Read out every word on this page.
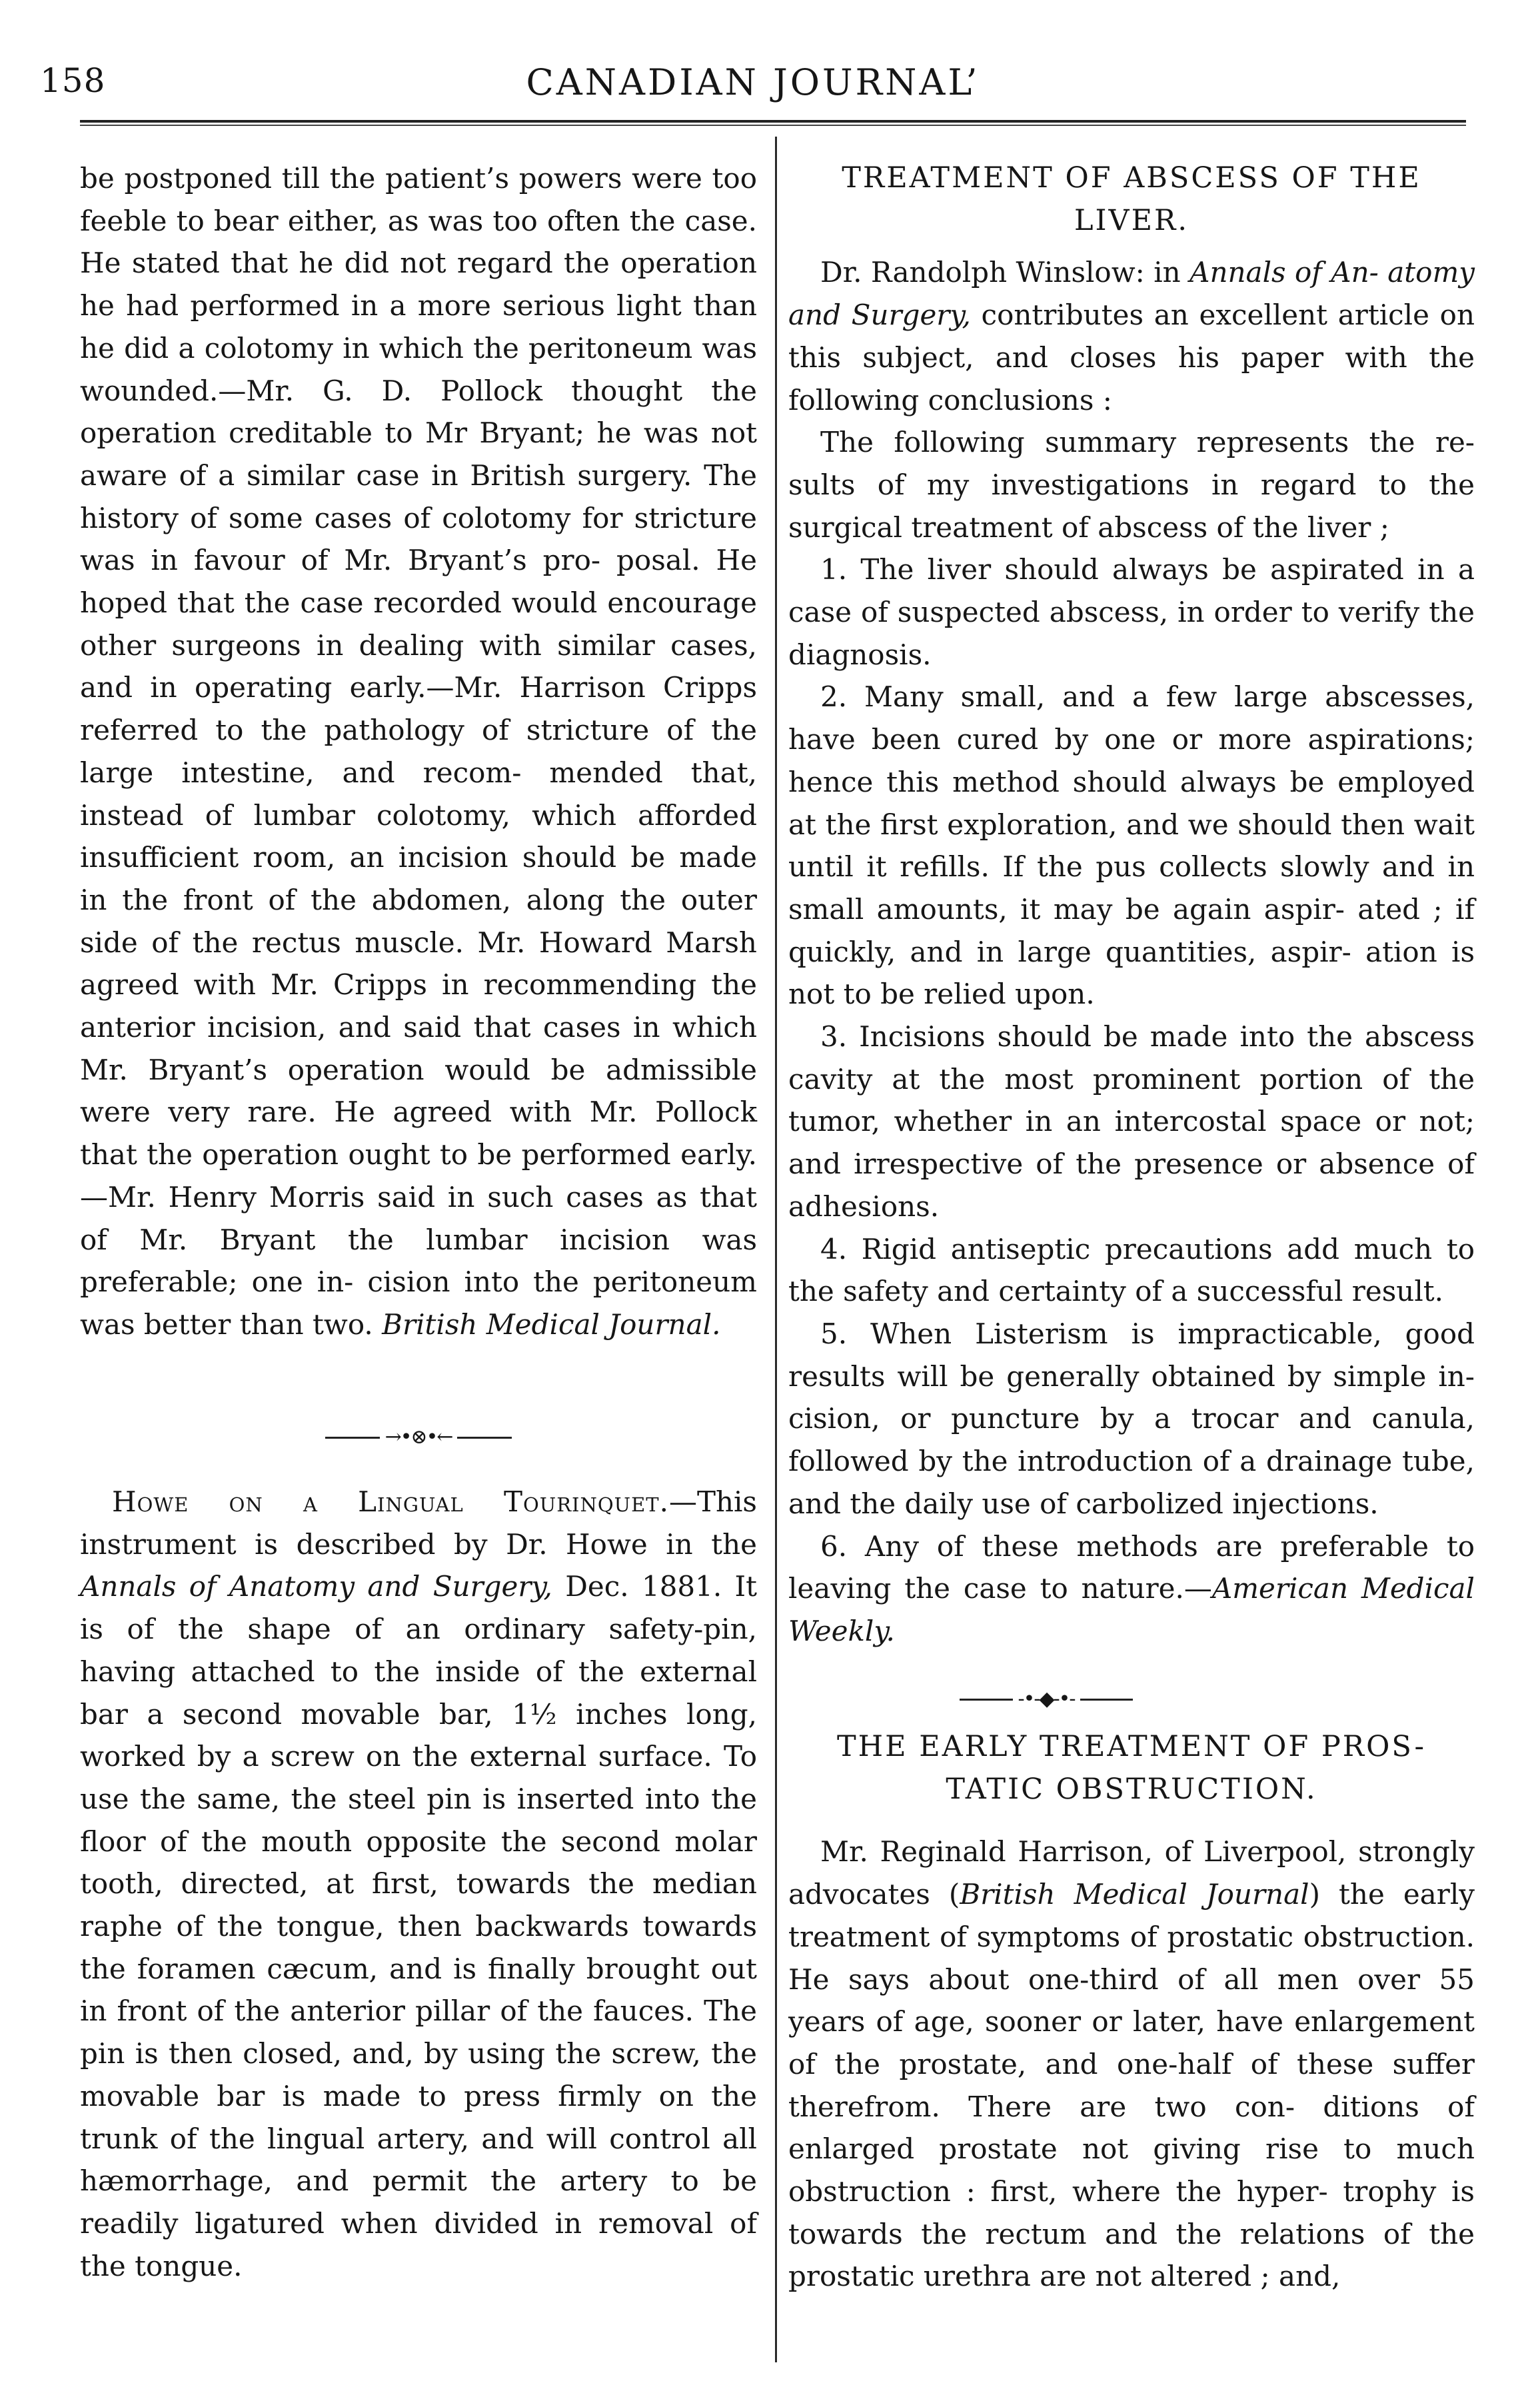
158	CANADIAN JOURNAL’

be postponed till the patient’s powers were too feeble to bear either, as was too often the case. He stated that he did not regard the operation he had performed in a more serious light than he did a colotomy in which the peritoneum was wounded.—Mr. G. D. Pollock thought the operation creditable to Mr Bryant; he was not aware of a similar case in British surgery. The history of some cases of colotomy for stricture was in favour of Mr. Bryant’s pro- posal. He hoped that the case recorded would encourage other surgeons in dealing with similar cases, and in operating early.—Mr. Harrison Cripps referred to the pathology of stricture of the large intestine, and recom- mended that, instead of lumbar colotomy, which afforded insufficient room, an incision should be made in the front of the abdomen, along the outer side of the rectus muscle. Mr. Howard Marsh agreed with Mr. Cripps in recommending the anterior incision, and said that cases in which Mr. Bryant’s operation would be admissible were very rare. He agreed with Mr. Pollock that the operation ought to be performed early.—Mr. Henry Morris said in such cases as that of Mr. Bryant the lumbar incision was preferable; one in- cision into the peritoneum was better than two. British Medical Journal.

→•⊗•←

Howe on a Lingual Tourinquet.—This instrument is described by Dr. Howe in the Annals of Anatomy and Surgery, Dec. 1881. It is of the shape of an ordinary safety-pin, having attached to the inside of the external bar a second movable bar, 1½ inches long, worked by a screw on the external surface. To use the same, the steel pin is inserted into the floor of the mouth opposite the second molar tooth, directed, at first, towards the median raphe of the tongue, then backwards towards the foramen cæcum, and is finally brought out in front of the anterior pillar of the fauces. The pin is then closed, and, by using the screw, the movable bar is made to press firmly on the trunk of the lingual artery, and will control all hæmorrhage, and permit the artery to be readily ligatured when divided in removal of the tongue.

TREATMENT OF ABSCESS OF THE
LIVER.

Dr. Randolph Winslow: in Annals of An- atomy and Surgery, contributes an excellent article on this subject, and closes his paper with the following conclusions :

The following summary represents the re- sults of my investigations in regard to the surgical treatment of abscess of the liver ;

1. The liver should always be aspirated in a case of suspected abscess, in order to verify the diagnosis.

2. Many small, and a few large abscesses, have been cured by one or more aspirations; hence this method should always be employed at the first exploration, and we should then wait until it refills. If the pus collects slowly and in small amounts, it may be again aspir- ated ; if quickly, and in large quantities, aspir- ation is not to be relied upon.

3. Incisions should be made into the abscess cavity at the most prominent portion of the tumor, whether in an intercostal space or not; and irrespective of the presence or absence of adhesions.

4. Rigid antiseptic precautions add much to the safety and certainty of a successful result.

5. When Listerism is impracticable, good results will be generally obtained by simple in- cision, or puncture by a trocar and canula, followed by the introduction of a drainage tube, and the daily use of carbolized injections.

6. Any of these methods are preferable to leaving the case to nature.—American Medical Weekly.

-•-◆-•-
THE EARLY TREATMENT OF PROS-
TATIC OBSTRUCTION.

Mr. Reginald Harrison, of Liverpool, strongly advocates (British Medical Journal) the early treatment of symptoms of prostatic obstruction. He says about one-third of all men over 55 years of age, sooner or later, have enlargement of the prostate, and one-half of these suffer therefrom. There are two con- ditions of enlarged prostate not giving rise to much obstruction : first, where the hyper- trophy is towards the rectum and the relations of the prostatic urethra are not altered ; and,
